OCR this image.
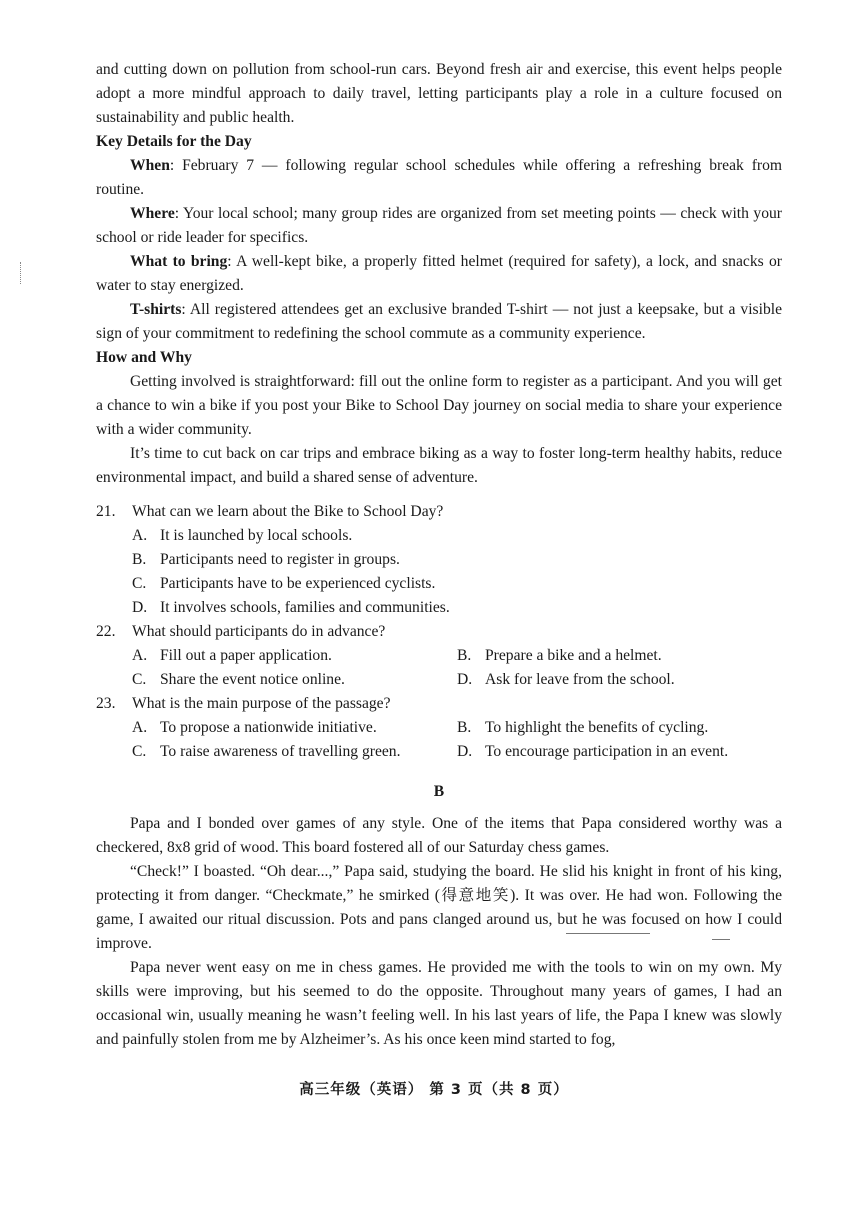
and cutting down on pollution from school-run cars. Beyond fresh air and exercise, this event helps people adopt a more mindful approach to daily travel, letting participants play a role in a culture focused on sustainability and public health.

Key Details for the Day

When: February 7 — following regular school schedules while offering a refreshing break from routine.

Where: Your local school; many group rides are organized from set meeting points — check with your school or ride leader for specifics.

What to bring: A well-kept bike, a properly fitted helmet (required for safety), a lock, and snacks or water to stay energized.

T-shirts: All registered attendees get an exclusive branded T-shirt — not just a keepsake, but a visible sign of your commitment to redefining the school commute as a community experience.

How and Why

Getting involved is straightforward: fill out the online form to register as a participant. And you will get a chance to win a bike if you post your Bike to School Day journey on social media to share your experience with a wider community.

It’s time to cut back on car trips and embrace biking as a way to foster long-term healthy habits, reduce environmental impact, and build a shared sense of adventure.

21. What can we learn about the Bike to School Day?
A. It is launched by local schools.
B. Participants need to register in groups.
C. Participants have to be experienced cyclists.
D. It involves schools, families and communities.
22. What should participants do in advance?
A. Fill out a paper application.	B. Prepare a bike and a helmet.
C. Share the event notice online.	D. Ask for leave from the school.
23. What is the main purpose of the passage?
A. To propose a nationwide initiative.	B. To highlight the benefits of cycling.
C. To raise awareness of travelling green.	D. To encourage participation in an event.
B

Papa and I bonded over games of any style. One of the items that Papa considered worthy was a checkered, 8x8 grid of wood. This board fostered all of our Saturday chess games.

“Check!” I boasted. “Oh dear...,” Papa said, studying the board. He slid his knight in front of his king, protecting it from danger. “Checkmate,” he smirked (得意地笑). It was over. He had won. Following the game, I awaited our ritual discussion. Pots and pans clanged around us, but he was focused on how I could improve.

Papa never went easy on me in chess games. He provided me with the tools to win on my own. My skills were improving, but his seemed to do the opposite. Throughout many years of games, I had an occasional win, usually meaning he wasn’t feeling well. In his last years of life, the Papa I knew was slowly and painfully stolen from me by Alzheimer’s. As his once keen mind started to fog,

高三年级（英语） 第 3 页（共 8 页）
